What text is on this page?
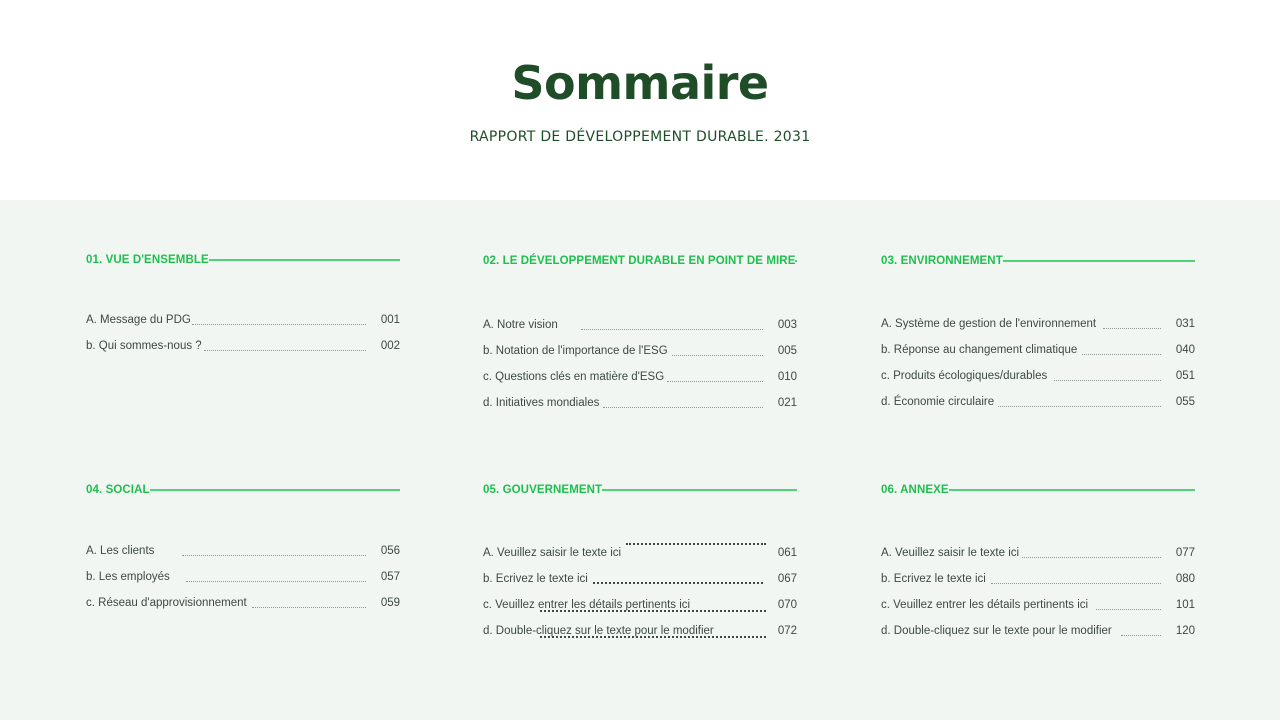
Sommaire
RAPPORT DE DÉVELOPPEMENT DURABLE. 2031
01. VUE D'ENSEMBLE
A. Message du PDG	001
b. Qui sommes-nous ?	002
02. LE DÉVELOPPEMENT DURABLE EN POINT DE MIRE
A. Notre vision	003
b. Notation de l'importance de l'ESG	005
c. Questions clés en matière d'ESG	010
d. Initiatives mondiales	021
03. ENVIRONNEMENT
A. Système de gestion de l'environnement	031
b. Réponse au changement climatique	040
c. Produits écologiques/durables	051
d. Économie circulaire	055
04. SOCIAL
A. Les clients	056
b. Les employés	057
c. Réseau d'approvisionnement	059
05. GOUVERNEMENT
A. Veuillez saisir le texte ici	061
b. Ecrivez le texte ici	067
c. Veuillez entrer les détails pertinents ici	070
d. Double-cliquez sur le texte pour le modifier	072
06. ANNEXE
A. Veuillez saisir le texte ici	077
b. Ecrivez le texte ici	080
c. Veuillez entrer les détails pertinents ici	101
d. Double-cliquez sur le texte pour le modifier	120
